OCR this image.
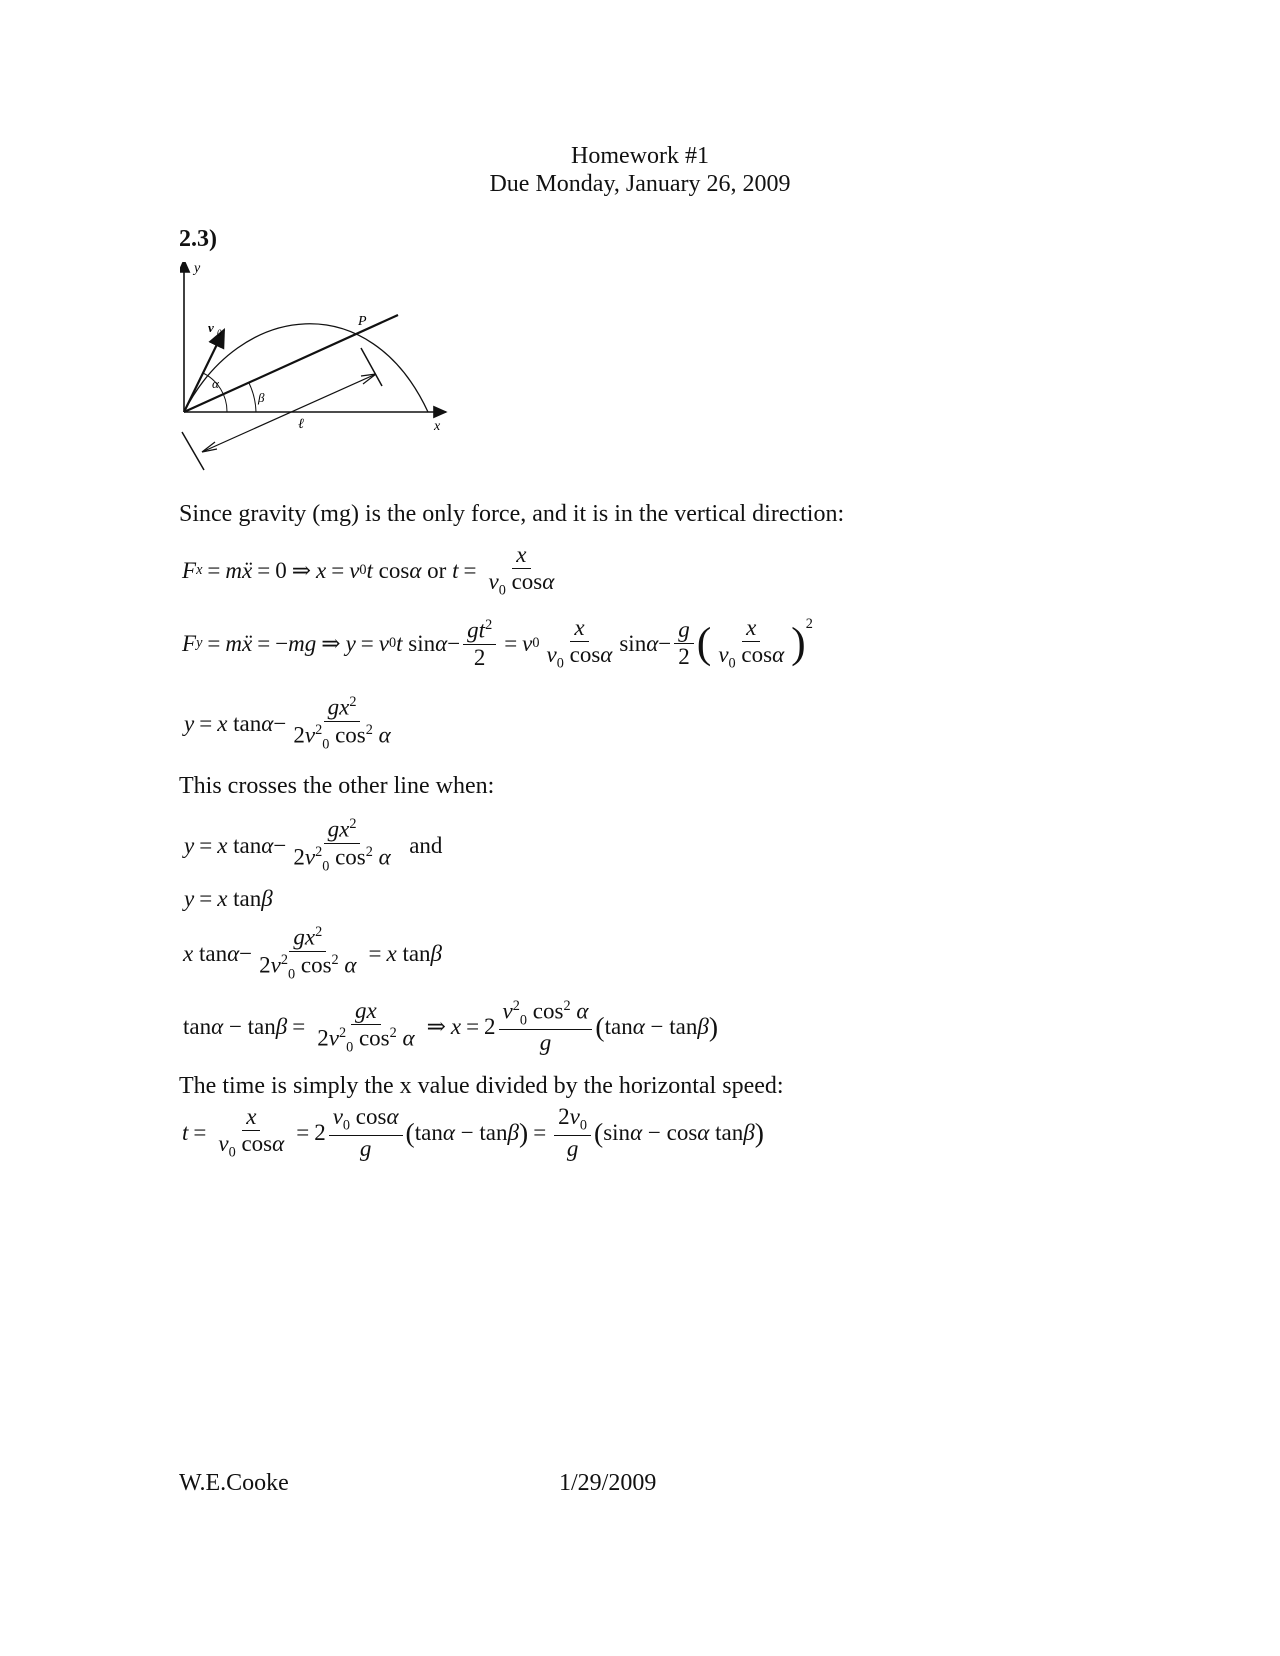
Homework #1
Due Monday, January 26, 2009
2.3)
y
x
P
v 0
α
β
ℓ
Since gravity (mg) is the only force, and it is in the vertical direction:
F x = m ẍ = 0 ⇒ x = v 0 t cos α
or
$t = \frac{x}{v_0 \cos\alpha}$
F y = mẍ = − mg ⇒ y = v 0 t $\sin \alpha - \frac{gt^2}{2} = v$ $0 \frac{x}{v_0 \cos\alpha}$ $\sin \alpha - \frac{g}{2}$ ( $\frac{x}{v_0 \cos\alpha} )^2$
y = x $\tan \alpha - \frac{gx^2}{2v^2_0 \cos^2 \alpha}$
This crosses the other line when:
y = x $\tan \alpha - \frac{gx^2}{2v^2_0 \cos^2 \alpha}$
and
y = x tan β
x $\tan \alpha - \frac{gx^2}{2v^2_0 \cos^2 \alpha} = x$ tan β
$\tan \alpha - \tan \beta = \frac{gx}{2v^2_0 \cos^2 \alpha}$ ⇒ $x = 2 \frac{v^2_0 \cos^2 \alpha}{g}$ ( tan α − tan β )
The time is simply the x value divided by the horizontal speed:
$t = \frac{x}{v_0 \cos\alpha} = 2 \frac{v_0 \cos\alpha}{g}$ ( tan α − tan β ) = $\frac{2v_0}{g}$ ( sin α − cos α tan β )
W.E.Cooke	1/29/2009
